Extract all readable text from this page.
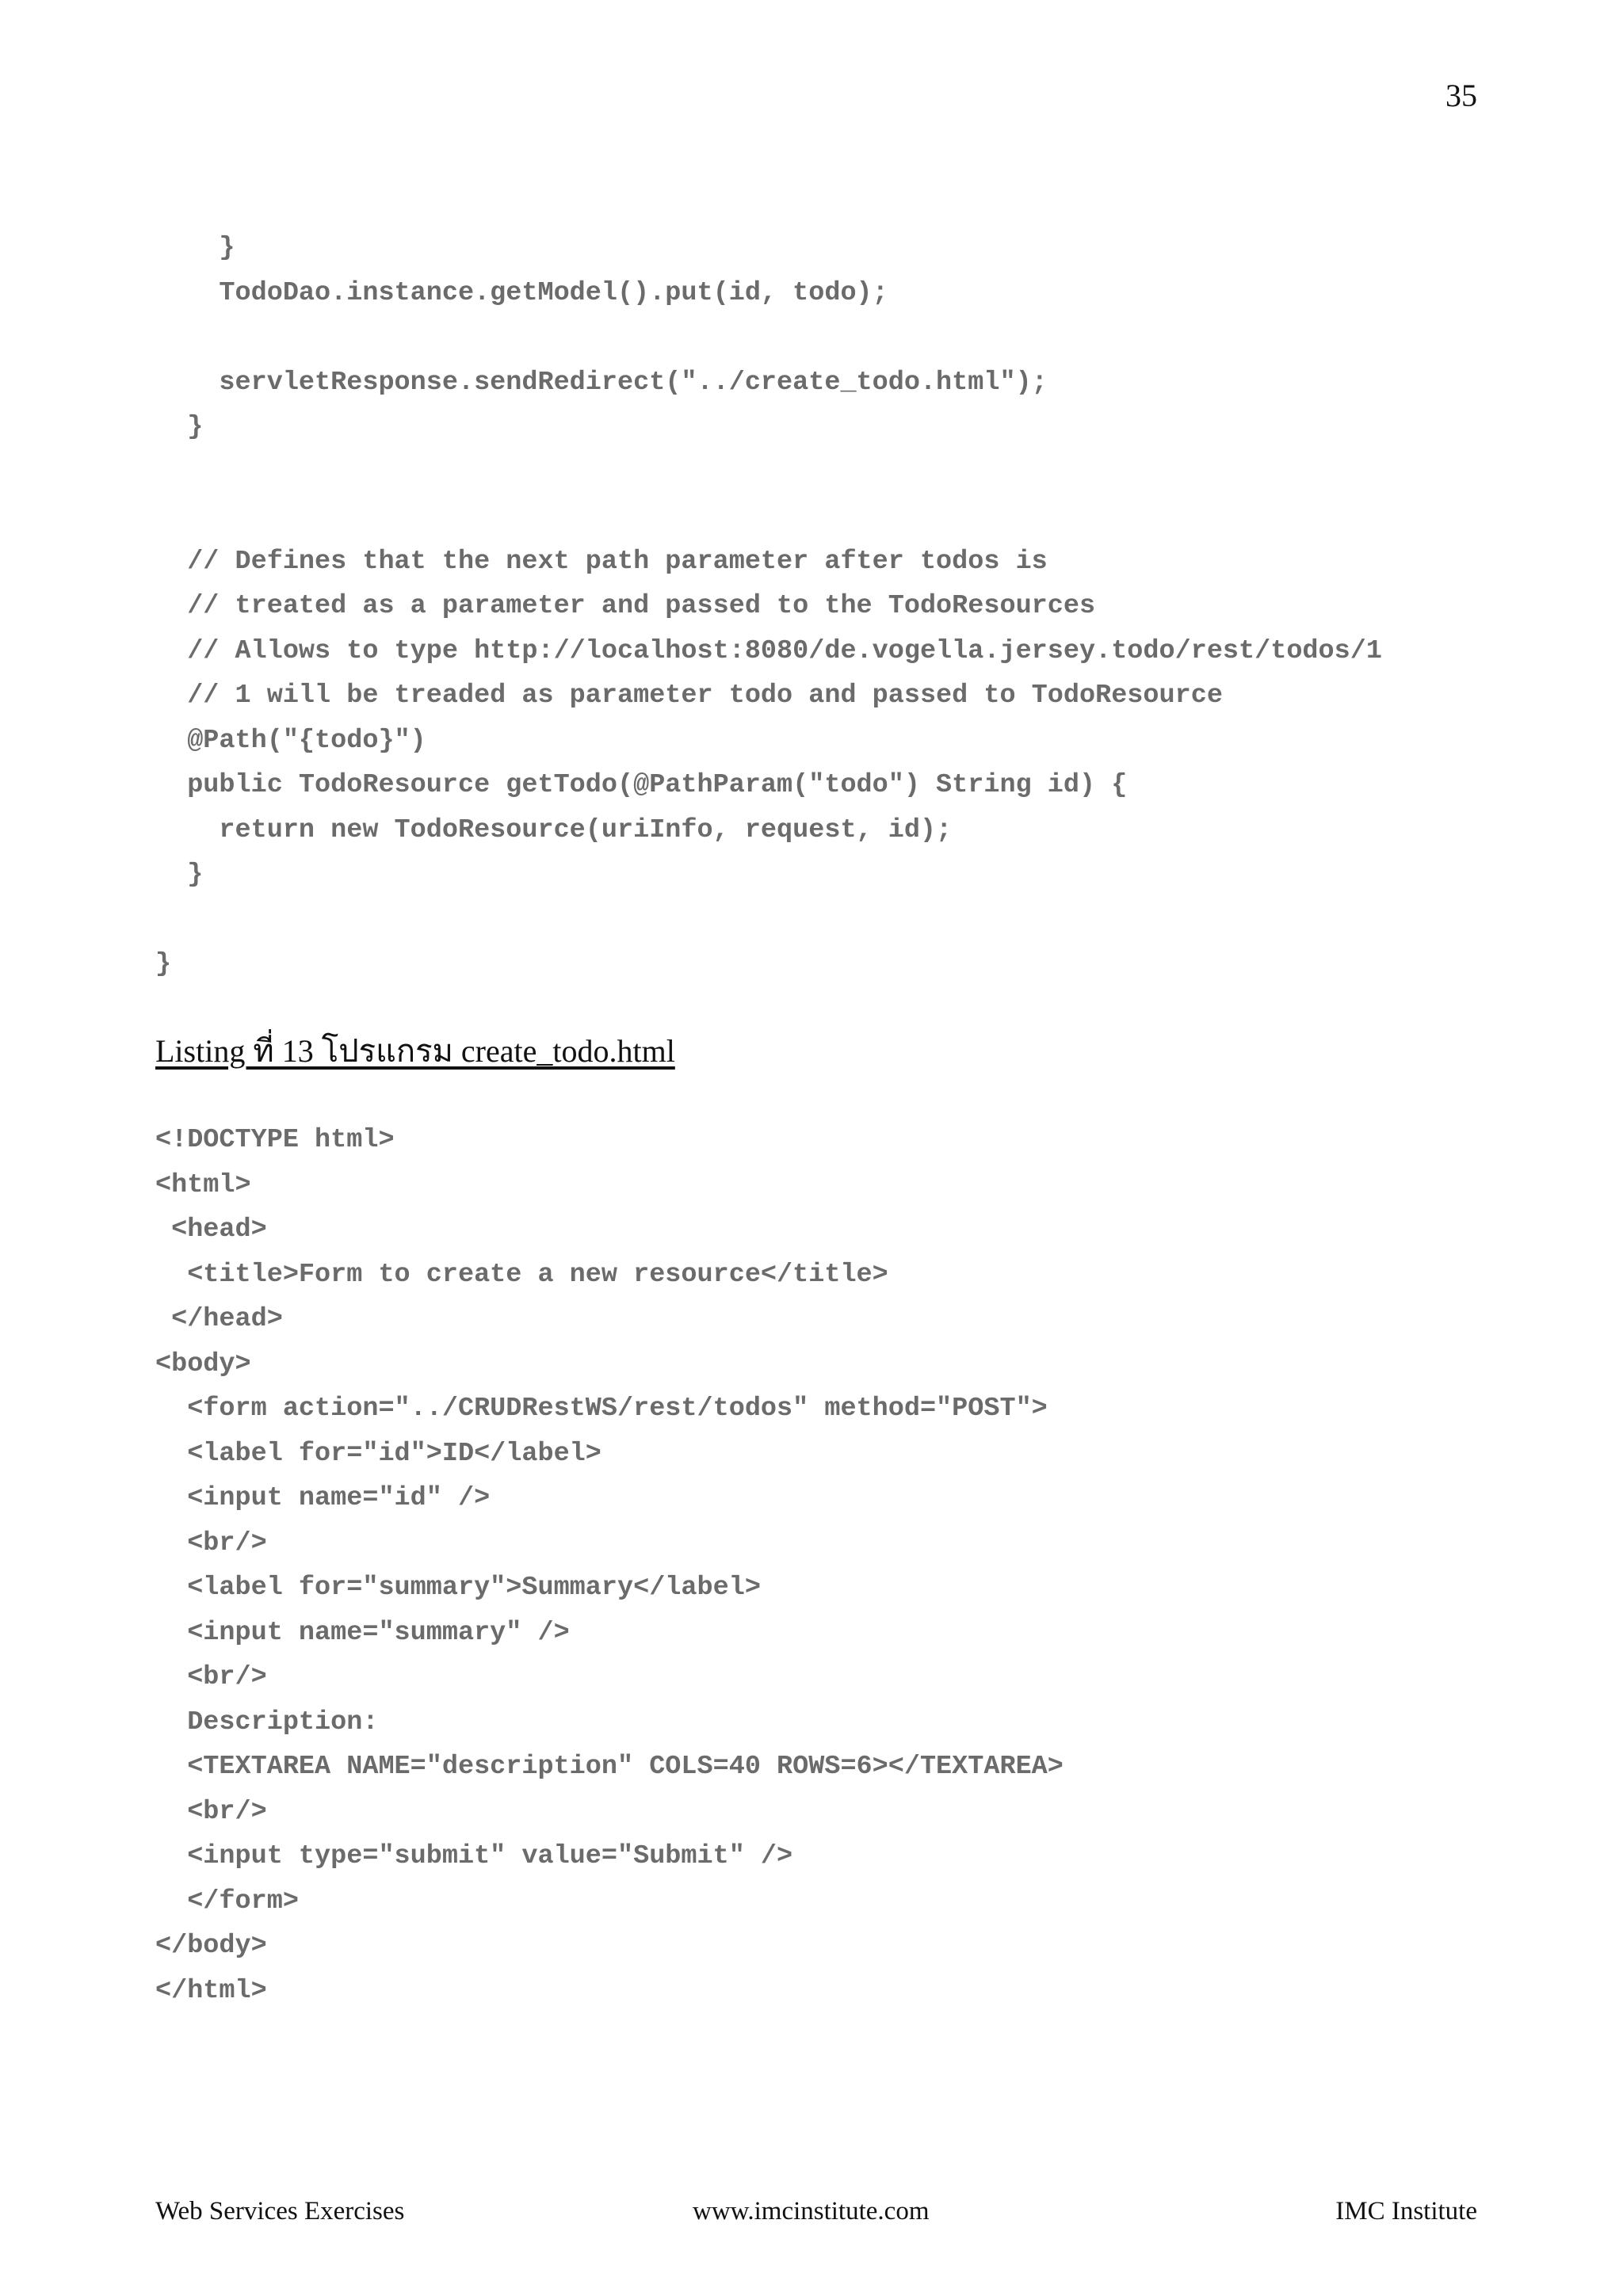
35
}
TodoDao.instance.getModel().put(id, todo);
servletResponse.sendRedirect("../create_todo.html");
}
// Defines that the next path parameter after todos is
// treated as a parameter and passed to the TodoResources
// Allows to type http://localhost:8080/de.vogella.jersey.todo/rest/todos/1
// 1 will be treaded as parameter todo and passed to TodoResource
@Path("{todo}")
public TodoResource getTodo(@PathParam("todo") String id) {
return new TodoResource(uriInfo, request, id);
}
}
Listing ที่ 13 โปรแกรม create_todo.html
<!DOCTYPE html>
<html>
<head>
<title>Form to create a new resource</title>
</head>
<body>
<form action="../CRUDRestWS/rest/todos" method="POST">
<label for="id">ID</label>
<input name="id" />
<br/>
<label for="summary">Summary</label>
<input name="summary" />
<br/>
Description:
<TEXTAREA NAME="description" COLS=40 ROWS=6></TEXTAREA>
<br/>
<input type="submit" value="Submit" />
</form>
</body>
</html>
Web Services Exercises	www.imcinstitute.com	IMC Institute
